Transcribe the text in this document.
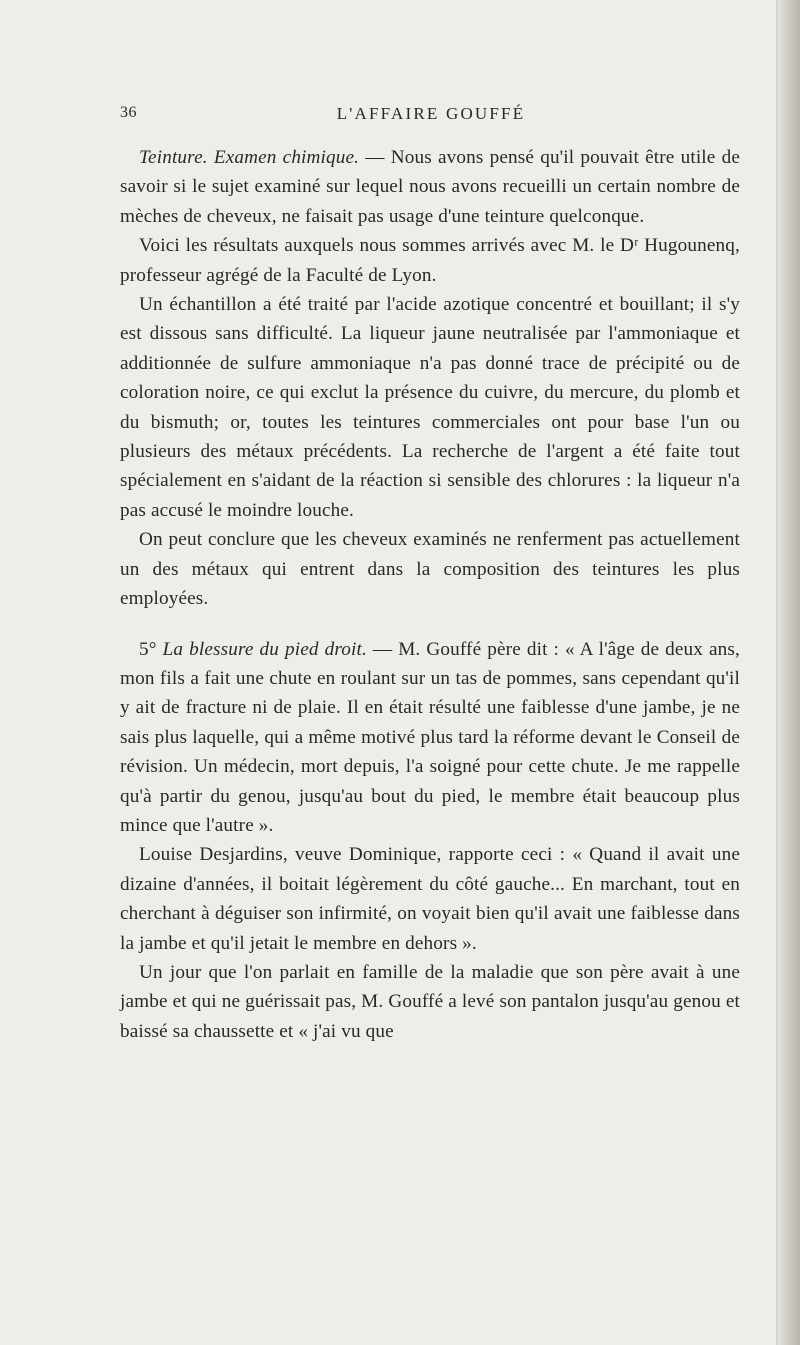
36	L'AFFAIRE GOUFFÉ

Teinture. Examen chimique. — Nous avons pensé qu'il pouvait être utile de savoir si le sujet examiné sur lequel nous avons recueilli un certain nombre de mèches de cheveux, ne faisait pas usage d'une teinture quelconque.

Voici les résultats auxquels nous sommes arrivés avec M. le Dʳ Hugounenq, professeur agrégé de la Faculté de Lyon.

Un échantillon a été traité par l'acide azotique concentré et bouillant; il s'y est dissous sans difficulté. La liqueur jaune neutralisée par l'ammoniaque et additionnée de sulfure ammoniaque n'a pas donné trace de précipité ou de coloration noire, ce qui exclut la présence du cuivre, du mercure, du plomb et du bismuth; or, toutes les teintures commerciales ont pour base l'un ou plusieurs des métaux précédents. La recherche de l'argent a été faite tout spécialement en s'aidant de la réaction si sensible des chlorures : la liqueur n'a pas accusé le moindre louche.

On peut conclure que les cheveux examinés ne renferment pas actuellement un des métaux qui entrent dans la composition des teintures les plus employées.

5° La blessure du pied droit. — M. Gouffé père dit : « A l'âge de deux ans, mon fils a fait une chute en roulant sur un tas de pommes, sans cependant qu'il y ait de fracture ni de plaie. Il en était résulté une faiblesse d'une jambe, je ne sais plus laquelle, qui a même motivé plus tard la réforme devant le Conseil de révision. Un médecin, mort depuis, l'a soigné pour cette chute. Je me rappelle qu'à partir du genou, jusqu'au bout du pied, le membre était beaucoup plus mince que l'autre ».

Louise Desjardins, veuve Dominique, rapporte ceci : « Quand il avait une dizaine d'années, il boitait légèrement du côté gauche... En marchant, tout en cherchant à déguiser son infirmité, on voyait bien qu'il avait une faiblesse dans la jambe et qu'il jetait le membre en dehors ».

Un jour que l'on parlait en famille de la maladie que son père avait à une jambe et qui ne guérissait pas, M. Gouffé a levé son pantalon jusqu'au genou et baissé sa chaussette et « j'ai vu que
